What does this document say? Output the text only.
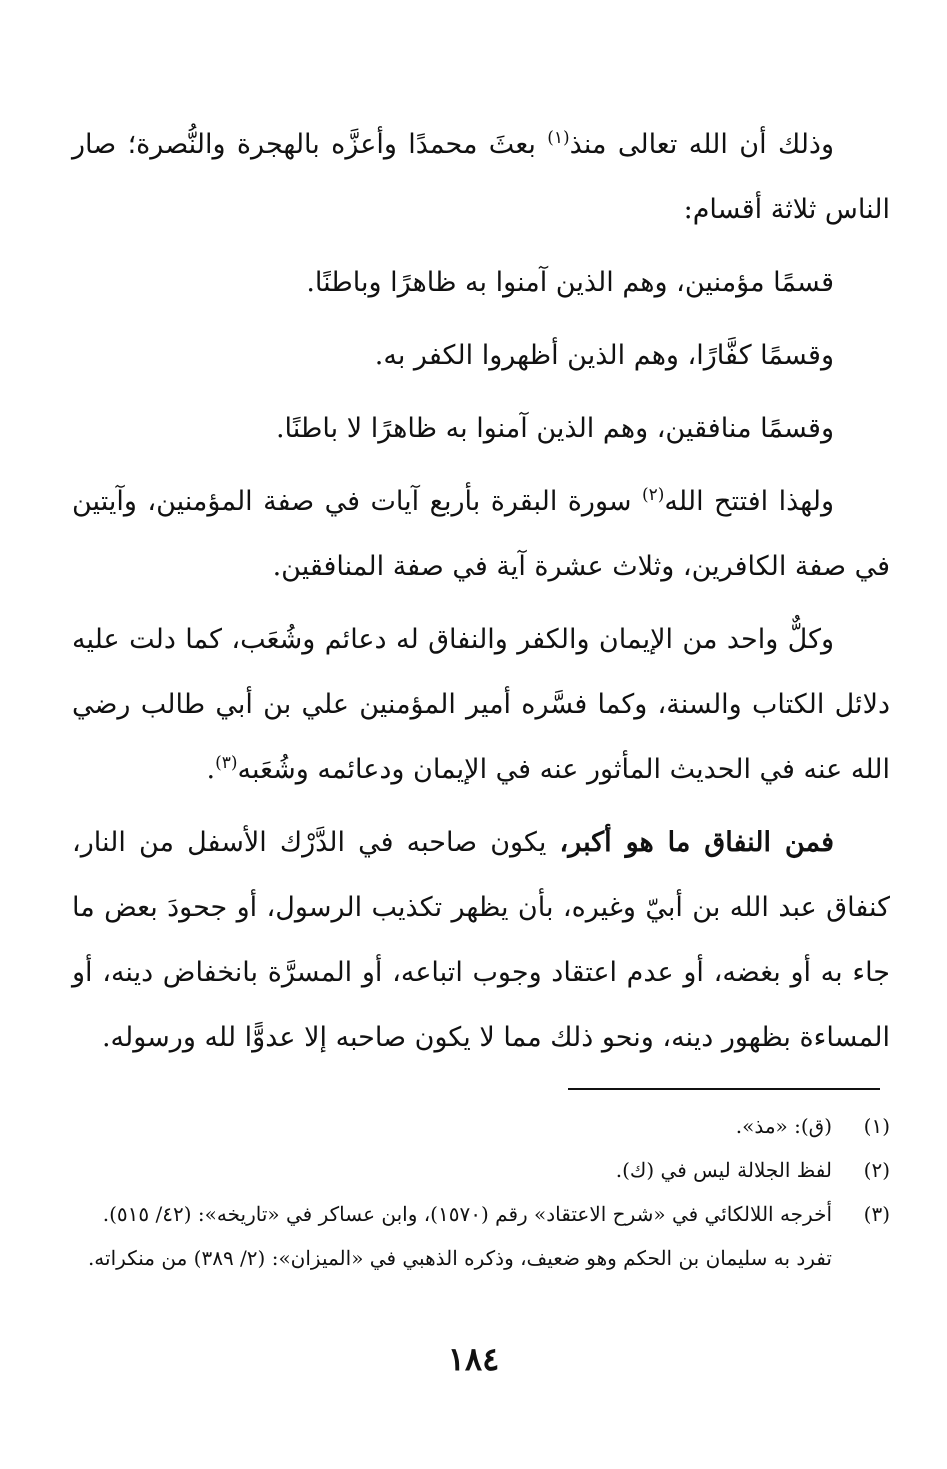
وذلك أن الله تعالى منذ$^{(١)}$ بعثَ محمدًا وأعزَّه بالهجرة والنُّصرة؛ صار الناس ثلاثة أقسام:

قسمًا مؤمنين، وهم الذين آمنوا به ظاهرًا وباطنًا.

وقسمًا كفَّارًا، وهم الذين أظهروا الكفر به.

وقسمًا منافقين، وهم الذين آمنوا به ظاهرًا لا باطنًا.

ولهذا افتتح الله$^{(٢)}$ سورة البقرة بأربع آيات في صفة المؤمنين، وآيتين في صفة الكافرين، وثلاث عشرة آية في صفة المنافقين.

وكلٌّ واحد من الإيمان والكفر والنفاق له دعائم وشُعَب، كما دلت عليه دلائل الكتاب والسنة، وكما فسَّره أمير المؤمنين علي بن أبي طالب رضي الله عنه في الحديث المأثور عنه في الإيمان ودعائمه وشُعَبه$^{(٣)}$.

فمن النفاق ما هو أكبر، يكون صاحبه في الدَّرْك الأسفل من النار، كنفاق عبد الله بن أبيّ وغيره، بأن يظهر تكذيب الرسول، أو جحودَ بعض ما جاء به أو بغضه، أو عدم اعتقاد وجوب اتباعه، أو المسرَّة بانخفاض دينه، أو المساءة بظهور دينه، ونحو ذلك مما لا يكون صاحبه إلا عدوًّا لله ورسوله.

(١)
(ق): «مذ».
(٢)
لفظ الجلالة ليس في (ك).
(٣)
أخرجه اللالكائي في «شرح الاعتقاد» رقم (١٥٧٠)، وابن عساكر في «تاريخه»: (٤٢/ ٥١٥). تفرد به سليمان بن الحكم وهو ضعيف، وذكره الذهبي في «الميزان»: (٢/ ٣٨٩) من منكراته.
١٨٤
